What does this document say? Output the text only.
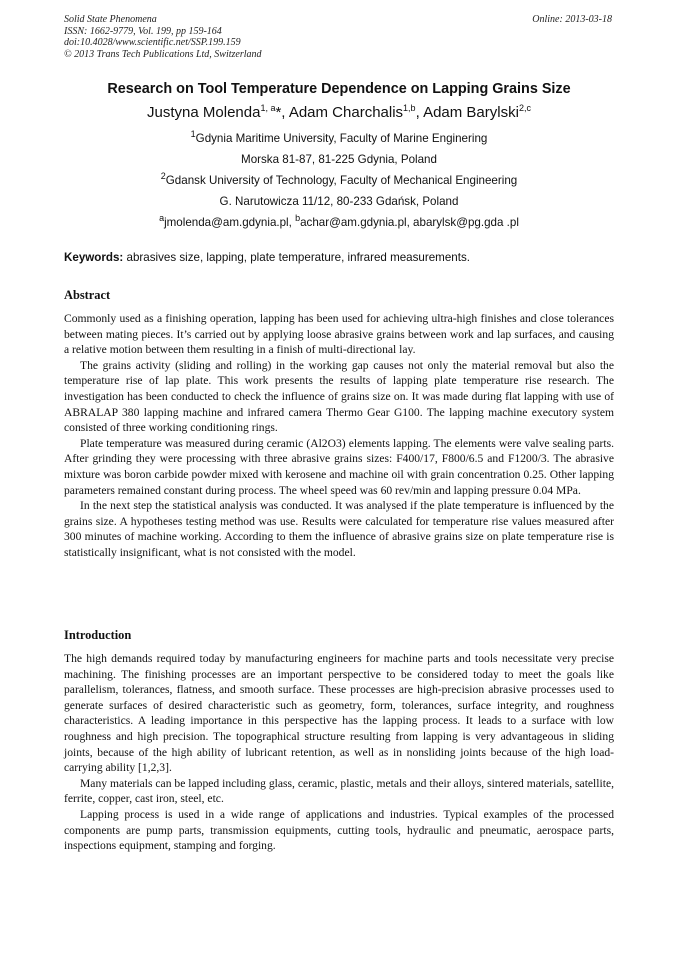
Solid State Phenomena
ISSN: 1662-9779, Vol. 199, pp 159-164
doi:10.4028/www.scientific.net/SSP.199.159
© 2013 Trans Tech Publications Ltd, Switzerland
Online: 2013-03-18
Research on Tool Temperature Dependence on Lapping Grains Size
Justyna Molenda$^{1, a}$*, Adam Charchalis$^{1,b}$, Adam Barylski$^{2,c}$
$^1$Gdynia Maritime University, Faculty of Marine Enginering
Morska 81-87, 81-225 Gdynia, Poland
$^2$Gdansk University of Technology, Faculty of Mechanical Engineering
G. Narutowicza 11/12, 80-233 Gdańsk, Poland
$^a$jmolenda@am.gdynia.pl, $^b$achar@am.gdynia.pl, abarylsk@pg.gda .pl
Keywords: abrasives size, lapping, plate temperature, infrared measurements.
Abstract

Commonly used as a finishing operation, lapping has been used for achieving ultra-high finishes and close tolerances between mating pieces. It’s carried out by applying loose abrasive grains between work and lap surfaces, and causing a relative motion between them resulting in a finish of multi-directional lay.

The grains activity (sliding and rolling) in the working gap causes not only the material removal but also the temperature rise of lap plate. This work presents the results of lapping plate temperature rise research. The investigation has been conducted to check the influence of grains size on. It was made during flat lapping with use of ABRALAP 380 lapping machine and infrared camera Thermo Gear G100. The lapping machine executory system consisted of three working conditioning rings.

Plate temperature was measured during ceramic (Al2O3) elements lapping. The elements were valve sealing parts. After grinding they were processing with three abrasive grains sizes: F400/17, F800/6.5 and F1200/3. The abrasive mixture was boron carbide powder mixed with kerosene and machine oil with grain concentration 0.25. Other lapping parameters remained constant during process. The wheel speed was 60 rev/min and lapping pressure 0.04 MPa.

In the next step the statistical analysis was conducted. It was analysed if the plate temperature is influenced by the grains size. A hypotheses testing method was use. Results were calculated for temperature rise values measured after 300 minutes of machine working. According to them the influence of abrasive grains size on plate temperature rise is statistically insignificant, what is not consisted with the model.

Introduction

The high demands required today by manufacturing engineers for machine parts and tools necessitate very precise machining. The finishing processes are an important perspective to be considered today to meet the goals like parallelism, tolerances, flatness, and smooth surface. These processes are high-precision abrasive processes used to generate surfaces of desired characteristic such as geometry, form, tolerances, surface integrity, and roughness characteristics. A leading importance in this perspective has the lapping process. It leads to a surface with low roughness and high precision. The topographical structure resulting from lapping is very advantageous in sliding joints, because of the high ability of lubricant retention, as well as in nonsliding joints because of the high load-carrying ability [1,2,3].

Many materials can be lapped including glass, ceramic, plastic, metals and their alloys, sintered materials, satellite, ferrite, copper, cast iron, steel, etc.

Lapping process is used in a wide range of applications and industries. Typical examples of the processed components are pump parts, transmission equipments, cutting tools, hydraulic and pneumatic, aerospace parts, inspections equipment, stamping and forging.
